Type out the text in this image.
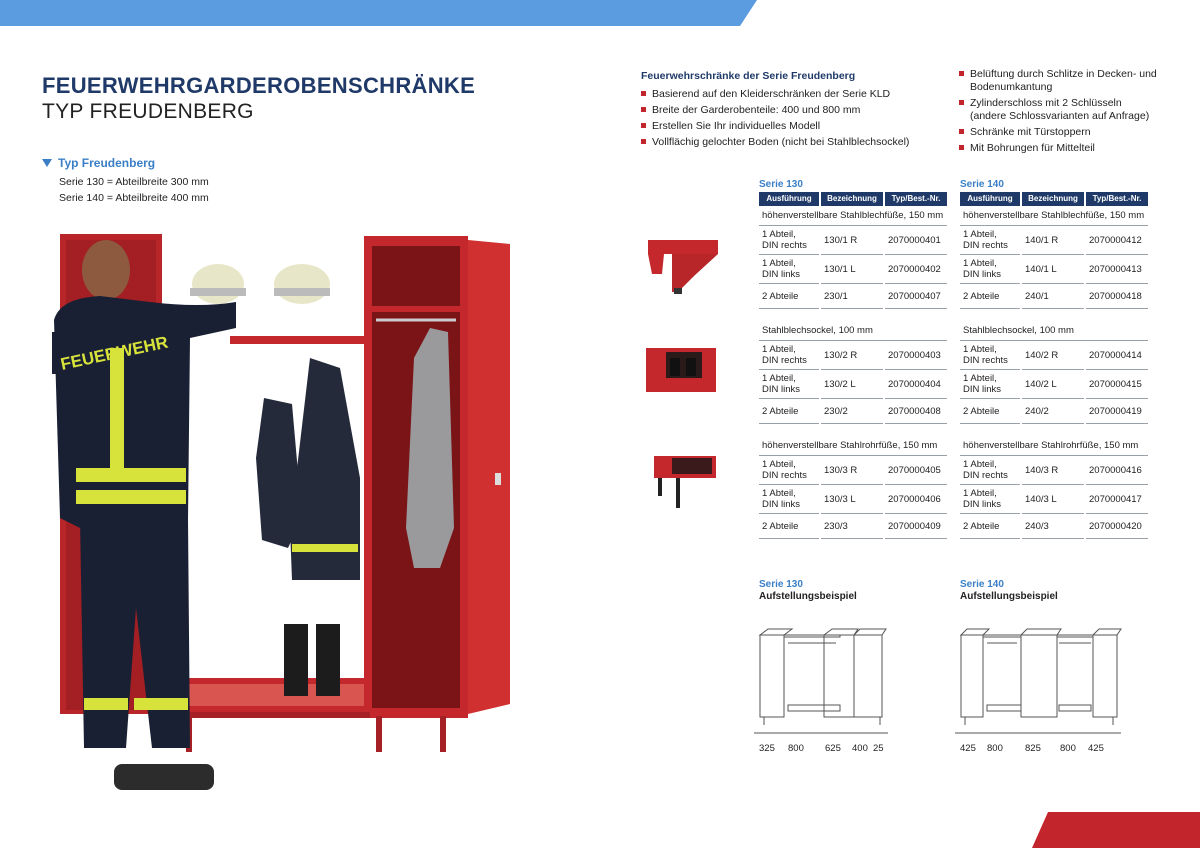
FEUERWEHRGARDEROBENSCHRÄNKE
TYP FREUDENBERG
Typ Freudenberg
Serie 130 = Abteilbreite 300 mm
Serie 140 = Abteilbreite 400 mm
FEUERWEHR
Feuerwehrschränke der Serie Freudenberg
Basierend auf den Kleiderschränken der Serie KLD
Breite der Garderobenteile: 400 und 800 mm
Erstellen Sie Ihr individuelles Modell
Vollflächig gelochter Boden (nicht bei Stahlblechsockel)
Belüftung durch Schlitze in Decken- und Bodenumkantung
Zylinderschloss mit 2 Schlüsseln (andere Schlossvarianten auf Anfrage)
Schränke mit Türstoppern
Mit Bohrungen für Mittelteil
Serie 130
Ausführung	Bezeichnung	Typ/Best.-Nr.
höhenverstellbare Stahlblechfüße, 150 mm
1 Abteil,
DIN rechts	130/1 R	2070000401
1 Abteil,
DIN links	130/1 L	2070000402
2 Abteile	230/1	2070000407
Stahlblechsockel, 100 mm
1 Abteil,
DIN rechts	130/2 R	2070000403
1 Abteil,
DIN links	130/2 L	2070000404
2 Abteile	230/2	2070000408
höhenverstellbare Stahlrohrfüße, 150 mm
1 Abteil,
DIN rechts	130/3 R	2070000405
1 Abteil,
DIN links	130/3 L	2070000406
2 Abteile	230/3	2070000409
Serie 140
Ausführung	Bezeichnung	Typ/Best.-Nr.
höhenverstellbare Stahlblechfüße, 150 mm
1 Abteil,
DIN rechts	140/1 R	2070000412
1 Abteil,
DIN links	140/1 L	2070000413
2 Abteile	240/1	2070000418
Stahlblechsockel, 100 mm
1 Abteil,
DIN rechts	140/2 R	2070000414
1 Abteil,
DIN links	140/2 L	2070000415
2 Abteile	240/2	2070000419
höhenverstellbare Stahlrohrfüße, 150 mm
1 Abteil,
DIN rechts	140/3 R	2070000416
1 Abteil,
DIN links	140/3 L	2070000417
2 Abteile	240/3	2070000420
Serie 130
Aufstellungsbeispiel
325 800 625 400 25
Serie 140
Aufstellungsbeispiel
425 800 825 800 425
